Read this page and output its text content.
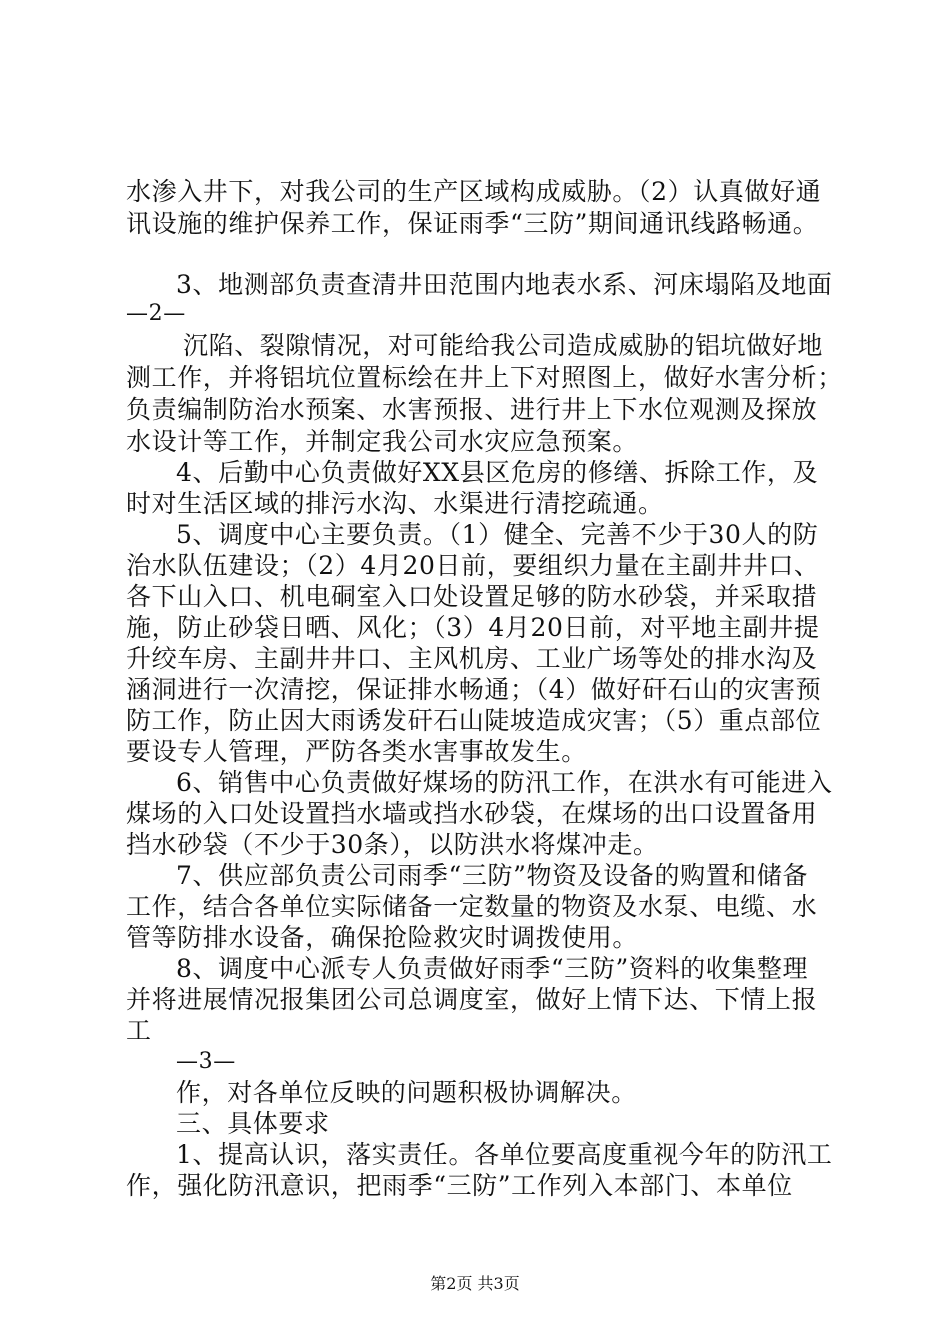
水渗入井下，对我公司的生产区域构成威胁。（2）认真做好通
讯设施的维护保养工作，保证雨季“三防”期间通讯线路畅通。
3、地测部负责查清井田范围内地表水系、河床塌陷及地面
—2—
沉陷、裂隙情况，对可能给我公司造成威胁的铝坑做好地
测工作，并将铝坑位置标绘在井上下对照图上，做好水害分析；
负责编制防治水预案、水害预报、进行井上下水位观测及探放
水设计等工作，并制定我公司水灾应急预案。
4、后勤中心负责做好XX县区危房的修缮、拆除工作，及
时对生活区域的排污水沟、水渠进行清挖疏通。
5、调度中心主要负责。（1）健全、完善不少于30人的防
治水队伍建设；（2）4月20日前，要组织力量在主副井井口、
各下山入口、机电硐室入口处设置足够的防水砂袋，并采取措
施，防止砂袋日晒、风化；（3）4月20日前，对平地主副井提
升绞车房、主副井井口、主风机房、工业广场等处的排水沟及
涵洞进行一次清挖，保证排水畅通；（4）做好矸石山的灾害预
防工作，防止因大雨诱发矸石山陡坡造成灾害；（5）重点部位
要设专人管理，严防各类水害事故发生。
6、销售中心负责做好煤场的防汛工作，在洪水有可能进入
煤场的入口处设置挡水墙或挡水砂袋，在煤场的出口设置备用
挡水砂袋（不少于30条），以防洪水将煤冲走。
7、供应部负责公司雨季“三防”物资及设备的购置和储备
工作，结合各单位实际储备一定数量的物资及水泵、电缆、水
管等防排水设备，确保抢险救灾时调拨使用。
8、调度中心派专人负责做好雨季“三防”资料的收集整理
并将进展情况报集团公司总调度室，做好上情下达、下情上报
工
—3—
作，对各单位反映的问题积极协调解决。
三、具体要求
1、提高认识，落实责任。各单位要高度重视今年的防汛工
作，强化防汛意识，把雨季“三防”工作列入本部门、本单位
第2页 共3页
